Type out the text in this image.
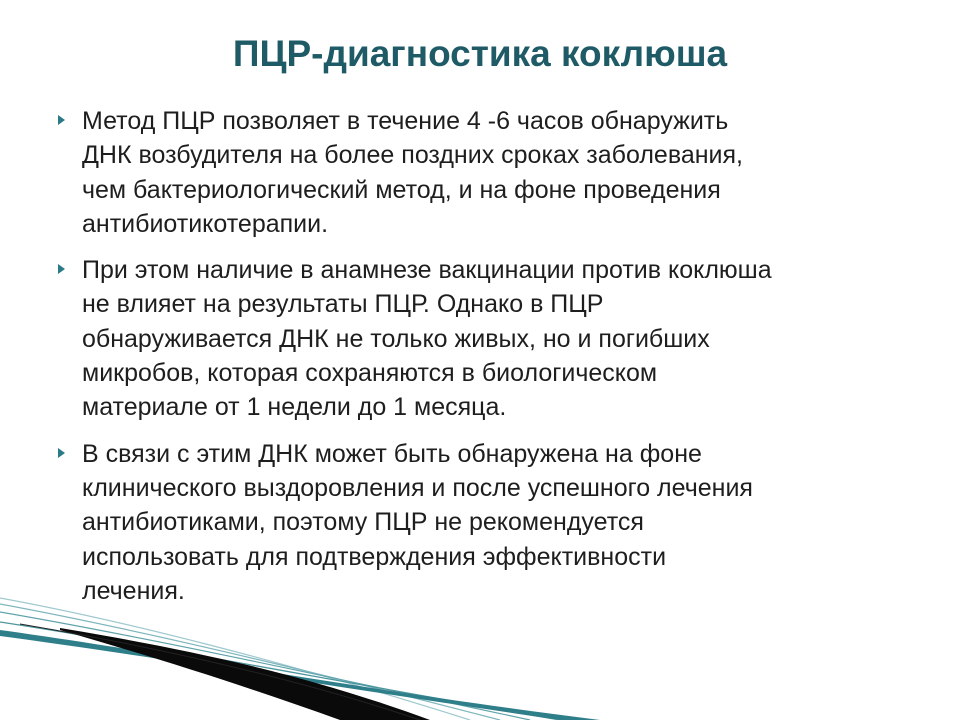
ПЦР-диагностика коклюша
Метод ПЦР позволяет в течение 4 -6 часов обнаружить
ДНК возбудителя на более поздних сроках заболевания,
чем бактериологический метод, и на фоне проведения
антибиотикотерапии.
При этом наличие в анамнезе вакцинации против коклюша
не влияет на результаты ПЦР. Однако в ПЦР
обнаруживается ДНК не только живых, но и погибших
микробов, которая сохраняются в биологическом
материале от 1 недели до 1 месяца.
В связи с этим ДНК может быть обнаружена на фоне
клинического выздоровления и после успешного лечения
антибиотиками, поэтому ПЦР не рекомендуется
использовать для подтверждения эффективности
лечения.
